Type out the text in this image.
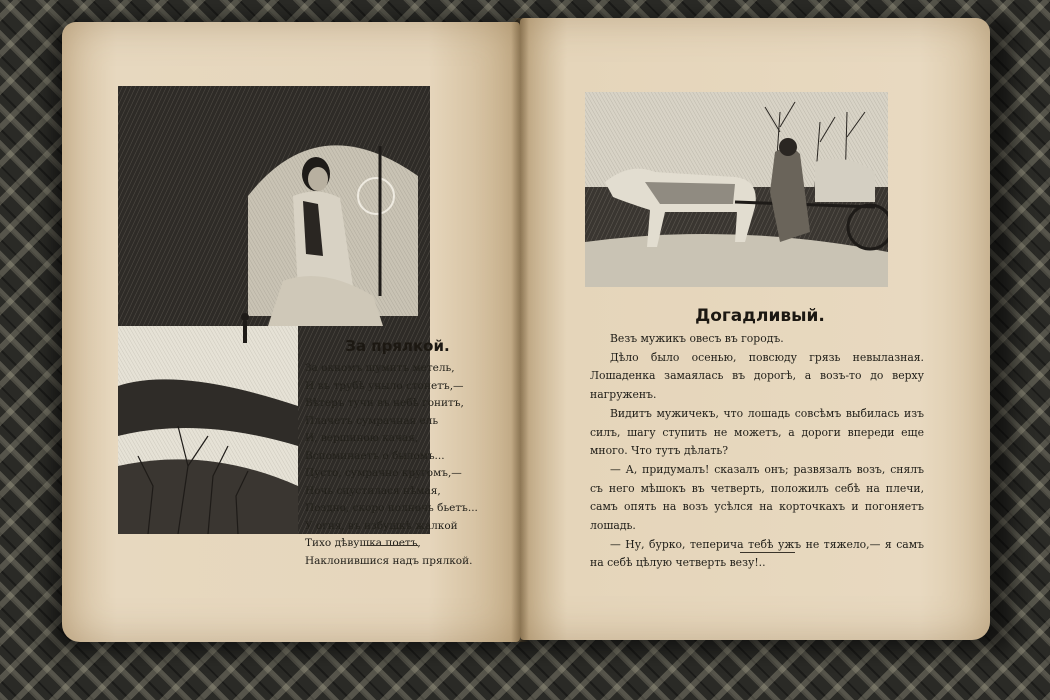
За прялкой.
За окномъ шумитъ метель,
И въ трубѣ уныло стонетъ,—
Вѣтеръ тучи въ небѣ гонитъ,
Плачетъ сумрачная ель
И, вершиною качая,
Вспоминаетъ о быломъ...
Пусто, сумрачно кругомъ,—
Ночь спустилася нѣмая,
Поздно, скоро полночь бьетъ...
У огня, въ избушкѣ жалкой
Тихо дѣвушка поетъ,
Наклонившися надъ прялкой.
Догадливый.

Везъ мужикъ овесъ въ городъ.

Дѣло было осенью, повсюду грязь невылазная. Лошаденка замаялась въ дорогѣ, а возъ-то до верху нагруженъ.

Видитъ мужичекъ, что лошадь совсѣмъ выбилась изъ силъ, шагу ступить не можетъ, а дороги впереди еще много. Что тутъ дѣлать?

— А, придумалъ! сказалъ онъ; развязалъ возъ, снялъ съ него мѣшокъ въ четверть, положилъ себѣ на плечи, самъ опять на возъ усѣлся на корточкахъ и погоняетъ лошадь.

— Ну, бурко, теперича тебѣ ужъ не тяжело,— я самъ на себѣ цѣлую четверть везу!..
